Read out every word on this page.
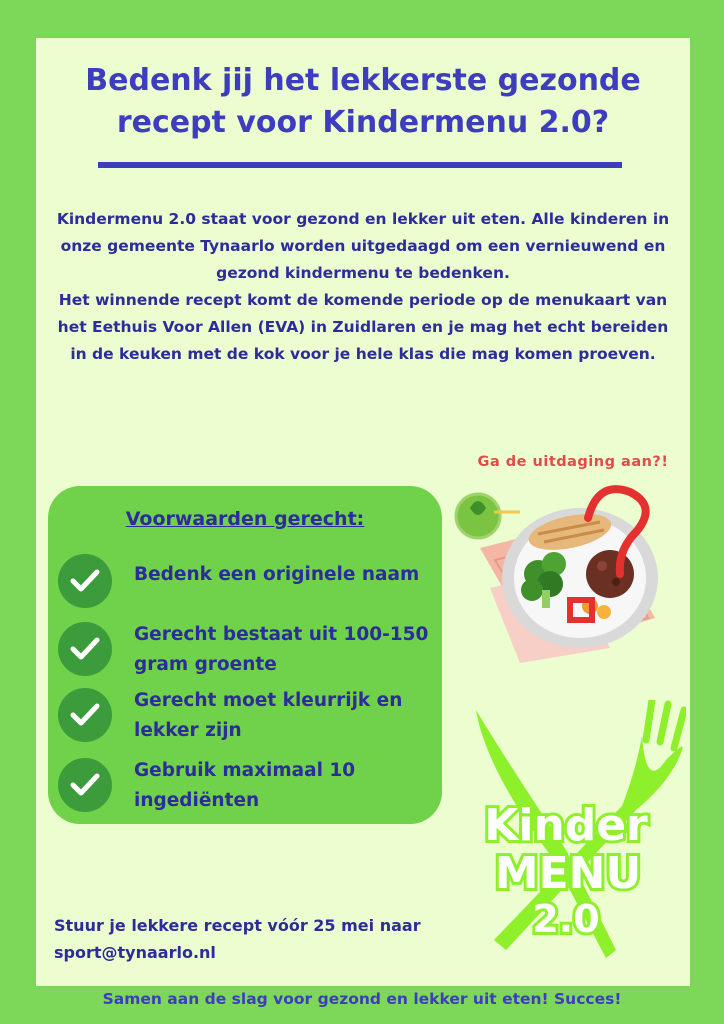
Bedenk jij het lekkerste gezonde
recept voor Kindermenu 2.0?

Kindermenu 2.0 staat voor gezond en lekker uit eten. Alle kinderen in onze gemeente Tynaarlo worden uitgedaagd om een vernieuwend en gezond kindermenu te bedenken.

Het winnende recept komt de komende periode op de menukaart van het Eethuis Voor Allen (EVA) in Zuidlaren en je mag het echt bereiden in de keuken met de kok voor je hele klas die mag komen proeven.

Ga de uitdaging aan?!
Voorwaarden gerecht:
Bedenk een originele naam
Gerecht bestaat uit 100-150 gram groente
Gerecht moet kleurrijk en lekker zijn
Gebruik maximaal 10 ingediënten	Kinder
MENU
2.0
Stuur je lekkere recept vóór 25 mei naar
sport@tynaarlo.nl
Samen aan de slag voor gezond en lekker uit eten! Succes!
